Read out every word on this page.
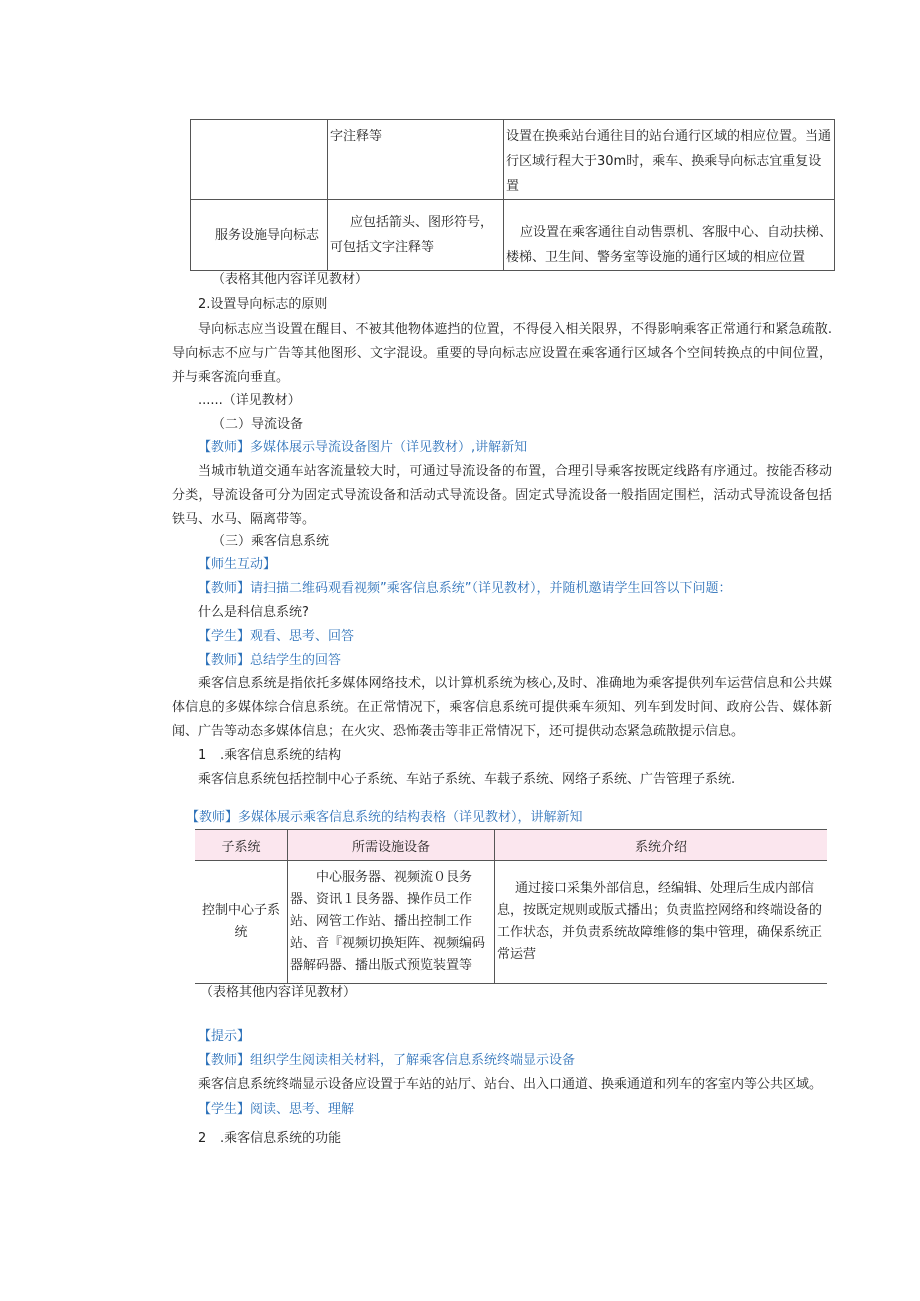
	字注释等	设置在换乘站台通往目的站台通行区域的相应位置。当通行区域行程大于30m时，乘车、换乘导向标志宜重复设置
服务设施导向标志	应包括箭头、图形符号，可包括文字注释等	应设置在乘客通往自动售票机、客服中心、自动扶梯、楼梯、卫生间、警务室等设施的通行区域的相应位置
（表格其他内容详见教材）
2.设置导向标志的原则
导向标志应当设置在醒目、不被其他物体遮挡的位置，不得侵入相关限界，不得影响乘客正常通行和紧急疏散.导向标志不应与广告等其他图形、文字混设。重要的导向标志应设置在乘客通行区域各个空间转换点的中间位置，并与乘客流向垂直。
......（详见教材）
（二）导流设备
【教师】多媒体展示导流设备图片（详见教材）,讲解新知
当城市轨道交通车站客流量较大时，可通过导流设备的布置，合理引导乘客按既定线路有序通过。按能否移动分类，导流设备可分为固定式导流设备和活动式导流设备。固定式导流设备一般指固定围栏，活动式导流设备包括铁马、水马、隔离带等。
（三）乘客信息系统
【师生互动】
【教师】请扫描二维码观看视频”乘客信息系统”（详见教材），并随机邀请学生回答以下问题：
什么是科信息系统?
【学生】观看、思考、回答
【教师】总结学生的回答
乘客信息系统是指依托多媒体网络技术，以计算机系统为核心,及时、准确地为乘客提供列车运营信息和公共媒体信息的多媒体综合信息系统。在正常情况下，乘客信息系统可提供乘车须知、列车到发时间、政府公告、媒体新闻、广告等动态多媒体信息；在火灾、恐怖袭击等非正常情况下，还可提供动态紧急疏散提示信息。
1 .乘客信息系统的结构
乘客信息系统包括控制中心子系统、车站子系统、车载子系统、网络子系统、广告管理子系统.
【教师】多媒体展示乘客信息系统的结构表格（详见教材），讲解新知
子系统	所需设施设备	系统介绍
控制中心子系统	中心服务器、视频流０艮务器、资讯１艮务器、操作员工作站、网管工作站、播出控制工作站、音『视频切换矩阵、视频编码器解码器、播出版式预览装置等	通过接口采集外部信息，经编辑、处理后生成内部信息，按既定规则或版式播出；负责监控网络和终端设备的工作状态，并负责系统故障维修的集中管理，确保系统正常运营
（表格其他内容详见教材）
【提示】
【教师】组织学生阅读相关材料，了解乘客信息系统终端显示设备
乘客信息系统终端显示设备应设置于车站的站厅、站台、出入口通道、换乘通道和列车的客室内等公共区域。
【学生】阅读、思考、理解
2 .乘客信息系统的功能
